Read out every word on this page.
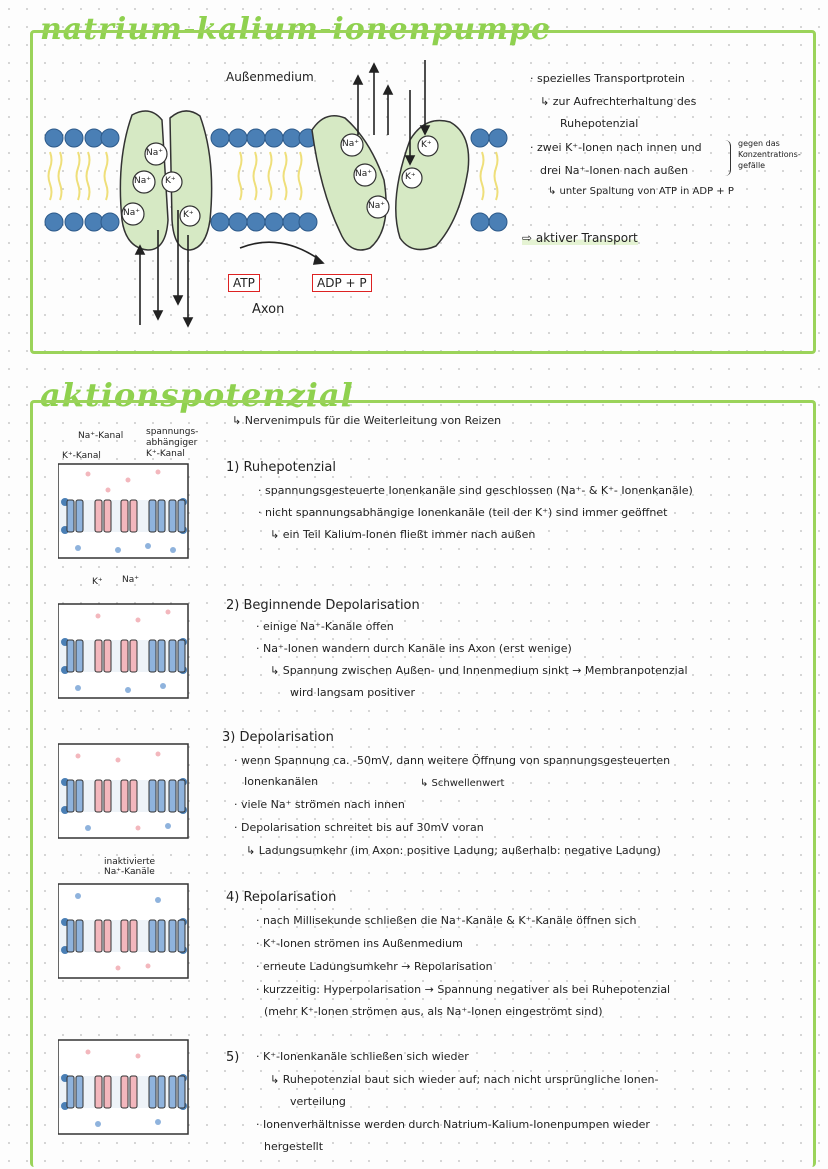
natrium-kalium-ionenpumpe
Außenmedium
Na⁺
Na⁺
Na⁺
K⁺
K⁺
Na⁺
Na⁺
Na⁺
K⁺
K⁺
ATP	ADP + P
Axon
· spezielles Transportprotein
↳ zur Aufrechterhaltung des
Ruhepotenzial
· zwei K⁺-Ionen nach innen und
drei Na⁺-Ionen nach außen
↳ unter Spaltung von ATP in ADP + P
gegen das
Konzentrations-
gefälle
⇨ aktiver Transport
aktionspotenzial
↳ Nervenimpuls für die Weiterleitung von Reizen
Na⁺-Kanal
K⁺-Kanal
spannungs-
abhängiger
K⁺-Kanal
K⁺ Na⁺
inaktivierte
Na⁺-Kanäle
1) Ruhepotenzial
· spannungsgesteuerte Ionenkanäle sind geschlossen (Na⁺- & K⁺- Ionenkanäle)
· nicht spannungsabhängige Ionenkanäle (teil der K⁺) sind immer geöffnet
↳ ein Teil Kalium-Ionen fließt immer nach außen
2) Beginnende Depolarisation
· einige Na⁺-Kanäle offen
· Na⁺-Ionen wandern durch Kanäle ins Axon (erst wenige)
↳ Spannung zwischen Außen- und Innenmedium sinkt → Membranpotenzial
wird langsam positiver
3) Depolarisation
· wenn Spannung ca. -50mV, dann weitere Öffnung von spannungsgesteuerten
Ionenkanälen	↳ Schwellenwert
· viele Na⁺ strömen nach innen
· Depolarisation schreitet bis auf 30mV voran
↳ Ladungsumkehr (im Axon: positive Ladung; außerhalb: negative Ladung)
4) Repolarisation
· nach Millisekunde schließen die Na⁺-Kanäle & K⁺-Kanäle öffnen sich
· K⁺-Ionen strömen ins Außenmedium
· erneute Ladungsumkehr → Repolarisation
· kurzzeitig: Hyperpolarisation → Spannung negativer als bei Ruhepotenzial
(mehr K⁺-Ionen strömen aus, als Na⁺-Ionen eingeströmt sind)
5) · K⁺-Ionenkanäle schließen sich wieder
↳ Ruhepotenzial baut sich wieder auf; nach nicht ursprüngliche Ionen-
verteilung
· Ionenverhältnisse werden durch Natrium-Kalium-Ionenpumpen wieder
hergestellt
